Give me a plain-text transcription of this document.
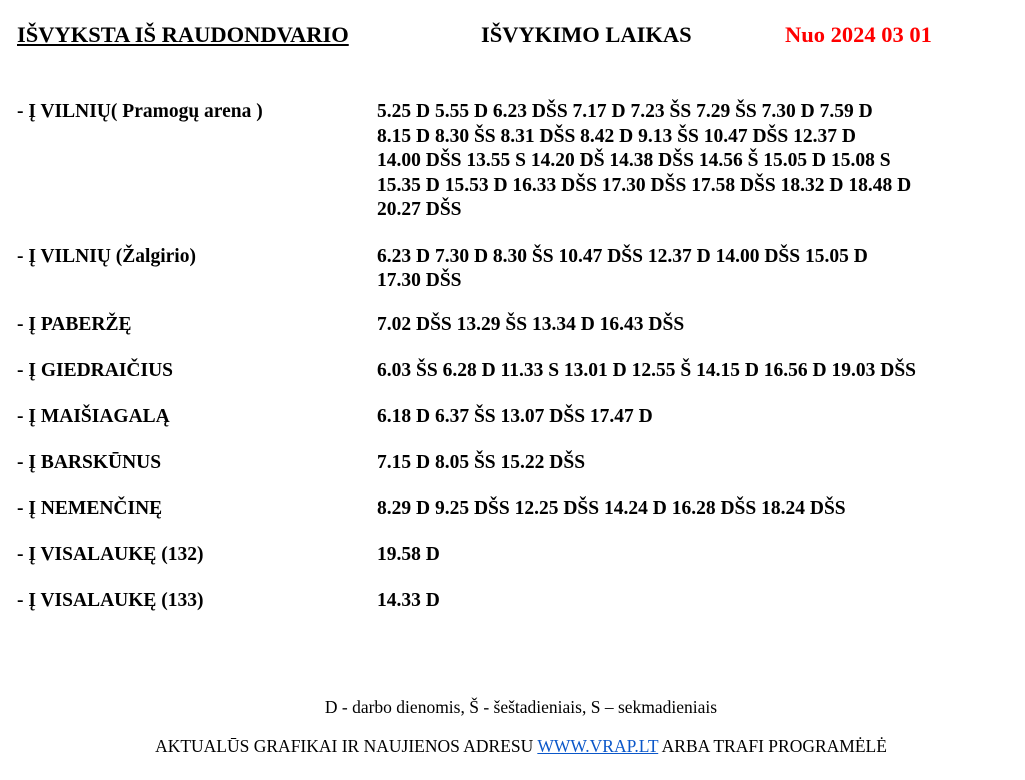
IŠVYKSTA IŠ RAUDONDVARIO	IŠVYKIMO LAIKAS	Nuo 2024 03 01
- Į VILNIŲ( Pramogų arena )	5.25 D 5.55 D 6.23 DŠS 7.17 D 7.23 ŠS 7.29 ŠS 7.30 D 7.59 D
8.15 D 8.30 ŠS 8.31 DŠS 8.42 D 9.13 ŠS 10.47 DŠS 12.37 D
14.00 DŠS 13.55 S 14.20 DŠ 14.38 DŠS 14.56 Š 15.05 D 15.08 S
15.35 D 15.53 D 16.33 DŠS 17.30 DŠS 17.58 DŠS 18.32 D 18.48 D
20.27 DŠS
- Į VILNIŲ (Žalgirio)	6.23 D 7.30 D 8.30 ŠS 10.47 DŠS 12.37 D 14.00 DŠS 15.05 D
17.30 DŠS
- Į PABERŽĘ	7.02 DŠS 13.29 ŠS 13.34 D 16.43 DŠS
- Į GIEDRAIČIUS	6.03 ŠS 6.28 D 11.33 S 13.01 D 12.55 Š 14.15 D 16.56 D 19.03 DŠS
- Į MAIŠIAGALĄ	6.18 D 6.37 ŠS 13.07 DŠS 17.47 D
- Į BARSKŪNUS	7.15 D 8.05 ŠS 15.22 DŠS
- Į NEMENČINĘ	8.29 D 9.25 DŠS 12.25 DŠS 14.24 D 16.28 DŠS 18.24 DŠS
- Į VISALAUKĘ (132)	19.58 D
- Į VISALAUKĘ (133)	14.33 D
D - darbo dienomis, Š - šeštadieniais, S – sekmadieniais
AKTUALŪS GRAFIKAI IR NAUJIENOS ADRESU WWW.VRAP.LT ARBA TRAFI PROGRAMĖLĖ
